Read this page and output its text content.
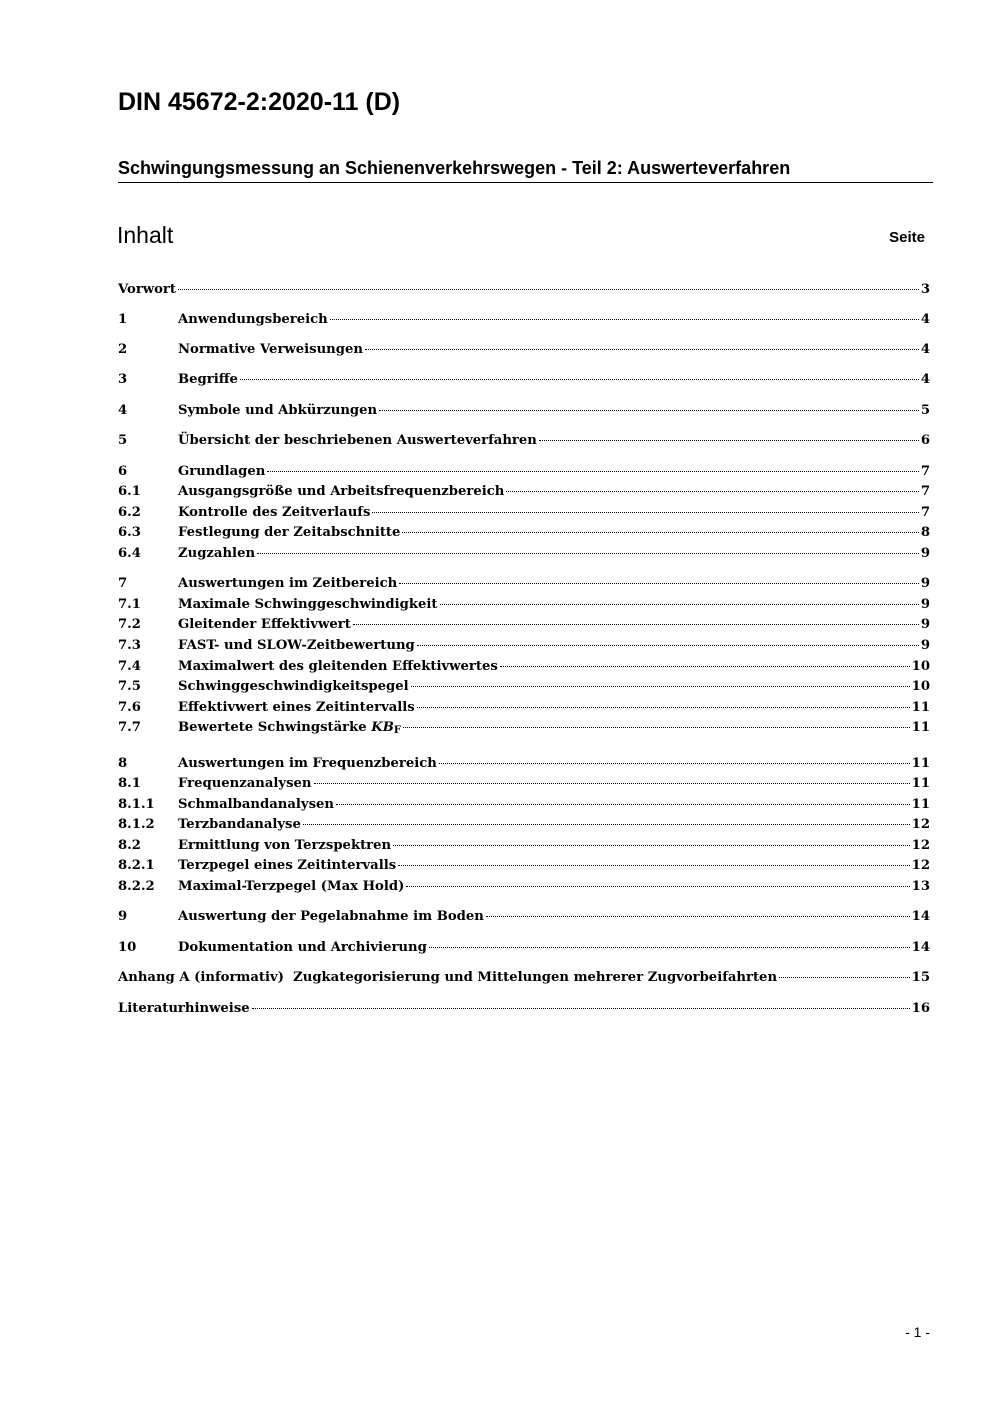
DIN 45672-2:2020-11 (D)
Schwingungsmessung an Schienenverkehrswegen - Teil 2: Auswerteverfahren
Inhalt	Seite
Vorwort	3
1	Anwendungsbereich	4
2	Normative Verweisungen	4
3	Begriffe	4
4	Symbole und Abkürzungen	5
5	Übersicht der beschriebenen Auswerteverfahren	6
6	Grundlagen	7
6.1	Ausgangsgröße und Arbeitsfrequenzbereich	7
6.2	Kontrolle des Zeitverlaufs	7
6.3	Festlegung der Zeitabschnitte	8
6.4	Zugzahlen	9
7	Auswertungen im Zeitbereich	9
7.1	Maximale Schwinggeschwindigkeit	9
7.2	Gleitender Effektivwert	9
7.3	FAST- und SLOW-Zeitbewertung	9
7.4	Maximalwert des gleitenden Effektivwertes	10
7.5	Schwinggeschwindigkeitspegel	10
7.6	Effektivwert eines Zeitintervalls	11
7.7	Bewertete Schwingstärke $KB_F$	11
8	Auswertungen im Frequenzbereich	11
8.1	Frequenzanalysen	11
8.1.1	Schmalbandanalysen	11
8.1.2	Terzbandanalyse	12
8.2	Ermittlung von Terzspektren	12
8.2.1	Terzpegel eines Zeitintervalls	12
8.2.2	Maximal-Terzpegel (Max Hold)	13
9	Auswertung der Pegelabnahme im Boden	14
10	Dokumentation und Archivierung	14
Anhang A (informativ)  Zugkategorisierung und Mittelungen mehrerer Zugvorbeifahrten	15
Literaturhinweise	16
- 1 -
